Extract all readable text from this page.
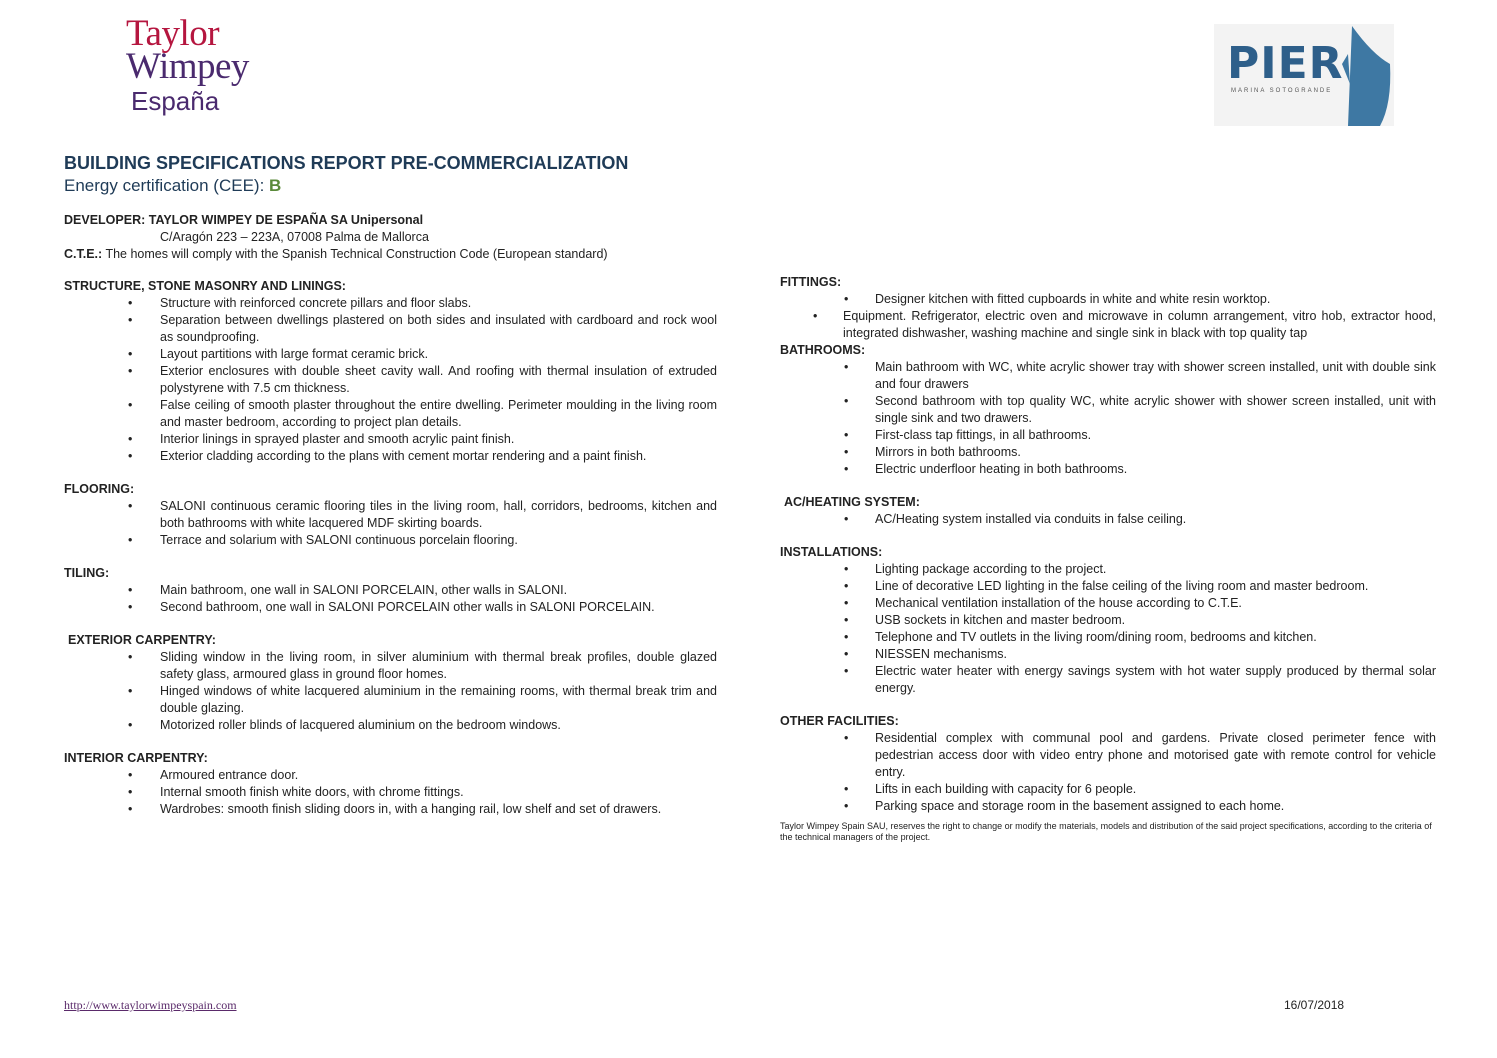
Taylor
Wimpey
España
PIER
MARINA SOTOGRANDE
BUILDING SPECIFICATIONS REPORT PRE-COMMERCIALIZATION
Energy certification (CEE): B
DEVELOPER: TAYLOR WIMPEY DE ESPAÑA SA Unipersonal
C/Aragón 223 – 223A, 07008 Palma de Mallorca
C.T.E.: The homes will comply with the Spanish Technical Construction Code (European standard)
STRUCTURE, STONE MASONRY AND LININGS:
• Structure with reinforced concrete pillars and floor slabs.
• Separation between dwellings plastered on both sides and insulated with cardboard and rock wool as soundproofing.
• Layout partitions with large format ceramic brick.
• Exterior enclosures with double sheet cavity wall. And roofing with thermal insulation of extruded polystyrene with 7.5 cm thickness.
• False ceiling of smooth plaster throughout the entire dwelling. Perimeter moulding in the living room and master bedroom, according to project plan details.
• Interior linings in sprayed plaster and smooth acrylic paint finish.
• Exterior cladding according to the plans with cement mortar rendering and a paint finish.
FLOORING:
• SALONI continuous ceramic flooring tiles in the living room, hall, corridors, bedrooms, kitchen and both bathrooms with white lacquered MDF skirting boards.
• Terrace and solarium with SALONI continuous porcelain flooring.
TILING:
• Main bathroom, one wall in SALONI PORCELAIN, other walls in SALONI.
• Second bathroom, one wall in SALONI PORCELAIN other walls in SALONI PORCELAIN.
EXTERIOR CARPENTRY:
• Sliding window in the living room, in silver aluminium with thermal break profiles, double glazed safety glass, armoured glass in ground floor homes.
• Hinged windows of white lacquered aluminium in the remaining rooms, with thermal break trim and double glazing.
• Motorized roller blinds of lacquered aluminium on the bedroom windows.
INTERIOR CARPENTRY:
• Armoured entrance door.
• Internal smooth finish white doors, with chrome fittings.
• Wardrobes: smooth finish sliding doors in, with a hanging rail, low shelf and set of drawers.
FITTINGS:
• Designer kitchen with fitted cupboards in white and white resin worktop.
• Equipment. Refrigerator, electric oven and microwave in column arrangement, vitro hob, extractor hood, integrated dishwasher, washing machine and single sink in black with top quality tap
BATHROOMS:
• Main bathroom with WC, white acrylic shower tray with shower screen installed, unit with double sink and four drawers
• Second bathroom with top quality WC, white acrylic shower with shower screen installed, unit with single sink and two drawers.
• First-class tap fittings, in all bathrooms.
• Mirrors in both bathrooms.
• Electric underfloor heating in both bathrooms.
AC/HEATING SYSTEM:
• AC/Heating system installed via conduits in false ceiling.
INSTALLATIONS:
• Lighting package according to the project.
• Line of decorative LED lighting in the false ceiling of the living room and master bedroom.
• Mechanical ventilation installation of the house according to C.T.E.
• USB sockets in kitchen and master bedroom.
• Telephone and TV outlets in the living room/dining room, bedrooms and kitchen.
• NIESSEN mechanisms.
• Electric water heater with energy savings system with hot water supply produced by thermal solar energy.
OTHER FACILITIES:
• Residential complex with communal pool and gardens. Private closed perimeter fence with pedestrian access door with video entry phone and motorised gate with remote control for vehicle entry.
• Lifts in each building with capacity for 6 people.
• Parking space and storage room in the basement assigned to each home.
Taylor Wimpey Spain SAU, reserves the right to change or modify the materials, models and distribution of the said project specifications, according to the criteria of the technical managers of the project.
http://www.taylorwimpeyspain.com	16/07/2018
